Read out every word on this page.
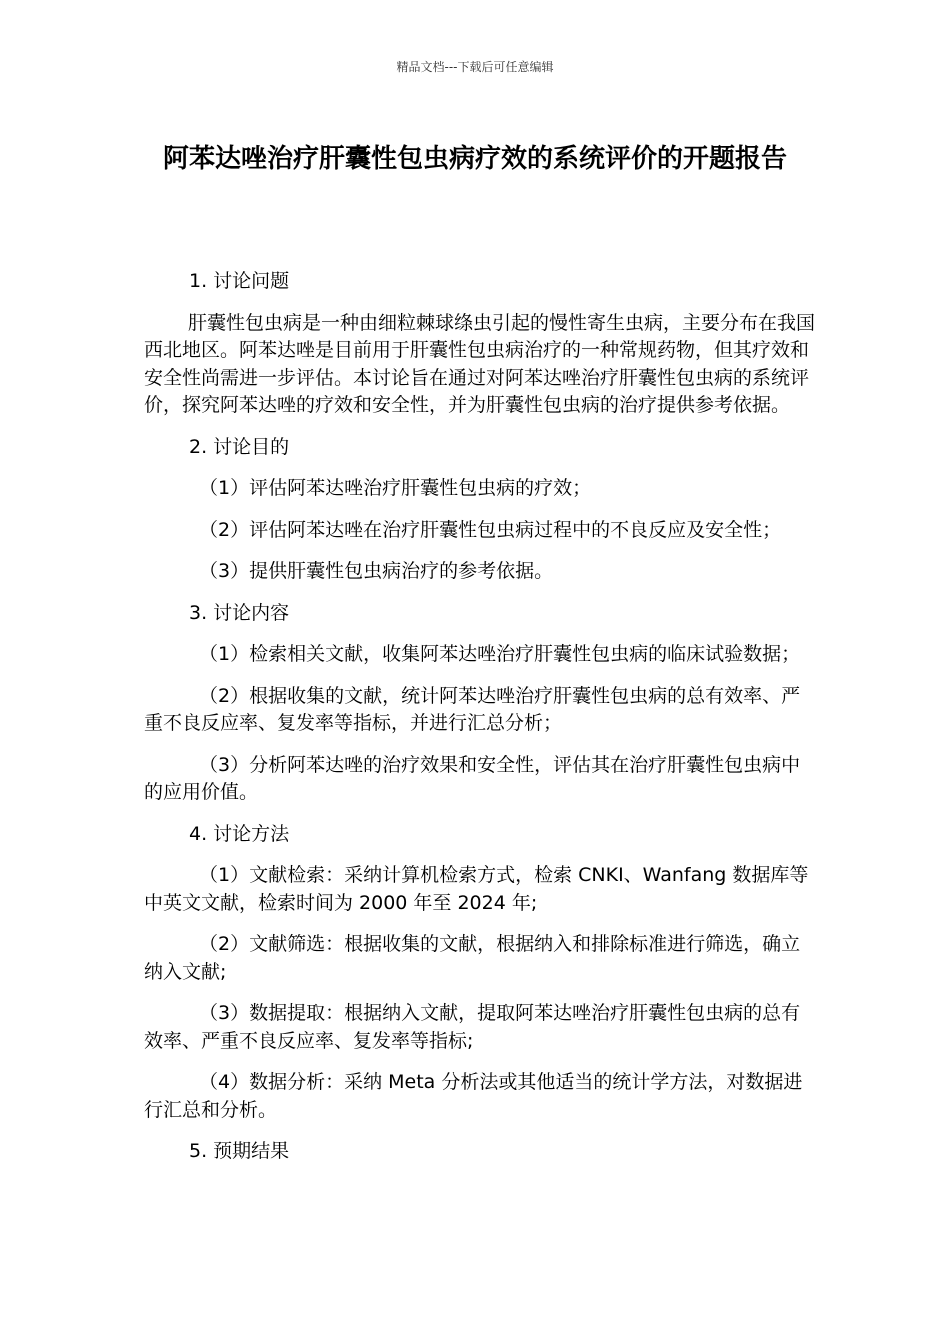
精品文档---下载后可任意编辑
阿苯达唑治疗肝囊性包虫病疗效的系统评价的开题报告

1. 讨论问题

肝囊性包虫病是一种由细粒棘球绦虫引起的慢性寄生虫病，主要分布在我国西北地区。阿苯达唑是目前用于肝囊性包虫病治疗的一种常规药物，但其疗效和安全性尚需进一步评估。本讨论旨在通过对阿苯达唑治疗肝囊性包虫病的系统评价，探究阿苯达唑的疗效和安全性，并为肝囊性包虫病的治疗提供参考依据。

2. 讨论目的

（1）评估阿苯达唑治疗肝囊性包虫病的疗效；

（2）评估阿苯达唑在治疗肝囊性包虫病过程中的不良反应及安全性；

（3）提供肝囊性包虫病治疗的参考依据。

3. 讨论内容

（1）检索相关文献，收集阿苯达唑治疗肝囊性包虫病的临床试验数据；

（2）根据收集的文献，统计阿苯达唑治疗肝囊性包虫病的总有效率、严重不良反应率、复发率等指标，并进行汇总分析；

（3）分析阿苯达唑的治疗效果和安全性，评估其在治疗肝囊性包虫病中的应用价值。

4. 讨论方法

（1）文献检索：采纳计算机检索方式，检索 CNKI、Wanfang 数据库等中英文文献，检索时间为 2000 年至 2024 年;

（2）文献筛选：根据收集的文献，根据纳入和排除标准进行筛选，确立纳入文献;

（3）数据提取：根据纳入文献，提取阿苯达唑治疗肝囊性包虫病的总有效率、严重不良反应率、复发率等指标;

（4）数据分析：采纳 Meta 分析法或其他适当的统计学方法，对数据进行汇总和分析。

5. 预期结果
